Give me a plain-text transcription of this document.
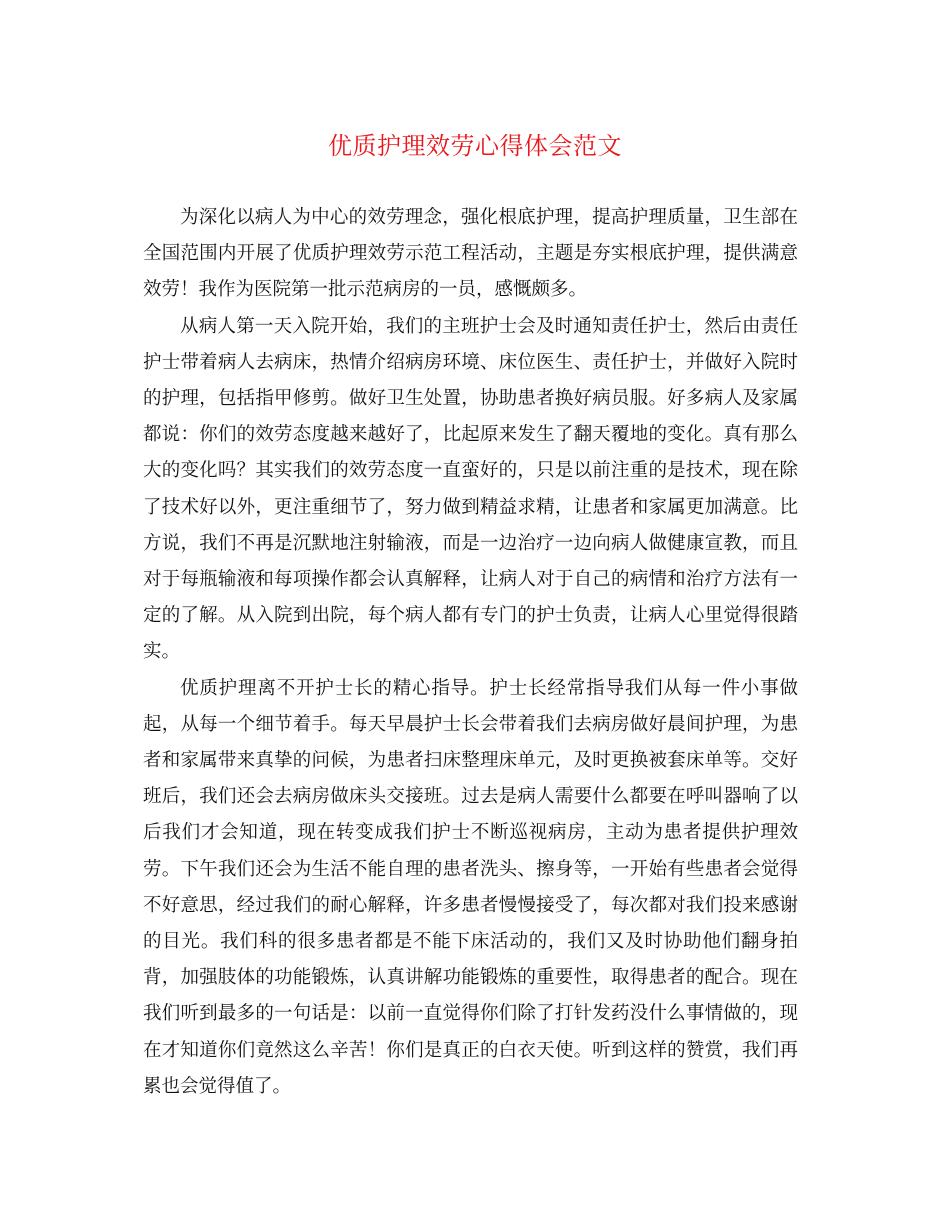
优质护理效劳心得体会范文

为深化以病人为中心的效劳理念，强化根底护理，提高护理质量，卫生部在全国范围内开展了优质护理效劳示范工程活动，主题是夯实根底护理，提供满意效劳！我作为医院第一批示范病房的一员，感慨颇多。

从病人第一天入院开始，我们的主班护士会及时通知责任护士，然后由责任护士带着病人去病床，热情介绍病房环境、床位医生、责任护士，并做好入院时的护理，包括指甲修剪。做好卫生处置，协助患者换好病员服。好多病人及家属都说：你们的效劳态度越来越好了，比起原来发生了翻天覆地的变化。真有那么大的变化吗？其实我们的效劳态度一直蛮好的，只是以前注重的是技术，现在除了技术好以外，更注重细节了，努力做到精益求精，让患者和家属更加满意。比方说，我们不再是沉默地注射输液，而是一边治疗一边向病人做健康宣教，而且对于每瓶输液和每项操作都会认真解释，让病人对于自己的病情和治疗方法有一定的了解。从入院到出院，每个病人都有专门的护士负责，让病人心里觉得很踏实。

优质护理离不开护士长的精心指导。护士长经常指导我们从每一件小事做起，从每一个细节着手。每天早晨护士长会带着我们去病房做好晨间护理，为患者和家属带来真挚的问候，为患者扫床整理床单元，及时更换被套床单等。交好班后，我们还会去病房做床头交接班。过去是病人需要什么都要在呼叫器响了以后我们才会知道，现在转变成我们护士不断巡视病房，主动为患者提供护理效劳。下午我们还会为生活不能自理的患者洗头、擦身等，一开始有些患者会觉得不好意思，经过我们的耐心解释，许多患者慢慢接受了，每次都对我们投来感谢的目光。我们科的很多患者都是不能下床活动的，我们又及时协助他们翻身拍背，加强肢体的功能锻炼，认真讲解功能锻炼的重要性，取得患者的配合。现在我们听到最多的一句话是：以前一直觉得你们除了打针发药没什么事情做的，现在才知道你们竟然这么辛苦！你们是真正的白衣天使。听到这样的赞赏，我们再累也会觉得值了。
